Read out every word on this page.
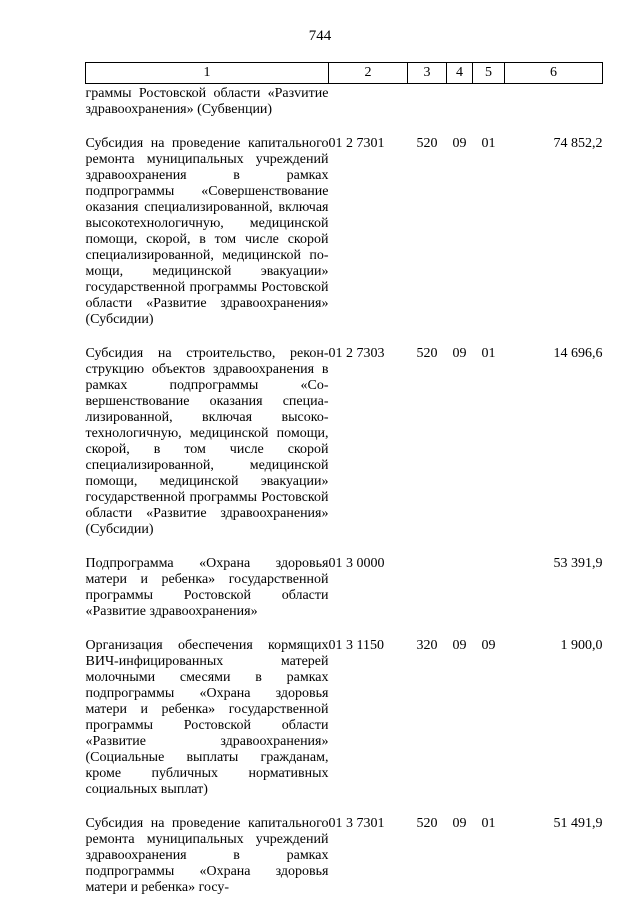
744
1	2	3	4	5	6
граммы Ростовской области «Разvитие здравоохранения» (Субвенции)					
Субсидия на проведение капитального ремонта муниципальных учреждений здравоохранения в рамках подпрограммы «Совершенствование оказания специализированной, включая высокотехнологичную, медицинской помощи, скорой, в том числе скорой специализированной, медицинской помощи, медицинской эвакуации» государственной программы Ростовской области «Развитие здравоохранения» (Субсидии)	01 2 7301	520	09	01	74 852,2
Субсидия на строительство, реконструкцию объектов здравоохранения в рамках подпрограммы «Совершенствование оказания специализированной, включая высокотехнологичную, медицинской помощи, скорой, в том числе скорой специализированной, медицинской помощи, медицинской эвакуации» государственной программы Ростовской области «Развитие здравоохранения» (Субсидии)	01 2 7303	520	09	01	14 696,6
Подпрограмма «Охрана здоровья матери и ребенка» государственной программы Ростовской области «Развитие здравоохранения»	01 3 0000				53 391,9
Организация обеспечения кормящих ВИЧ-инфицированных матерей молочными смесями в рамках подпрограммы «Охрана здоровья матери и ребенка» государственной программы Ростовской области «Развитие здравоохранения» (Социальные выплаты гражданам, кроме публичных нормативных социальных выплат)	01 3 1150	320	09	09	1 900,0
Субсидия на проведение капитального ремонта муниципальных учреждений здравоохранения в рамках подпрограммы «Охрана здоровья матери и ребенка» госу-	01 3 7301	520	09	01	51 491,9
